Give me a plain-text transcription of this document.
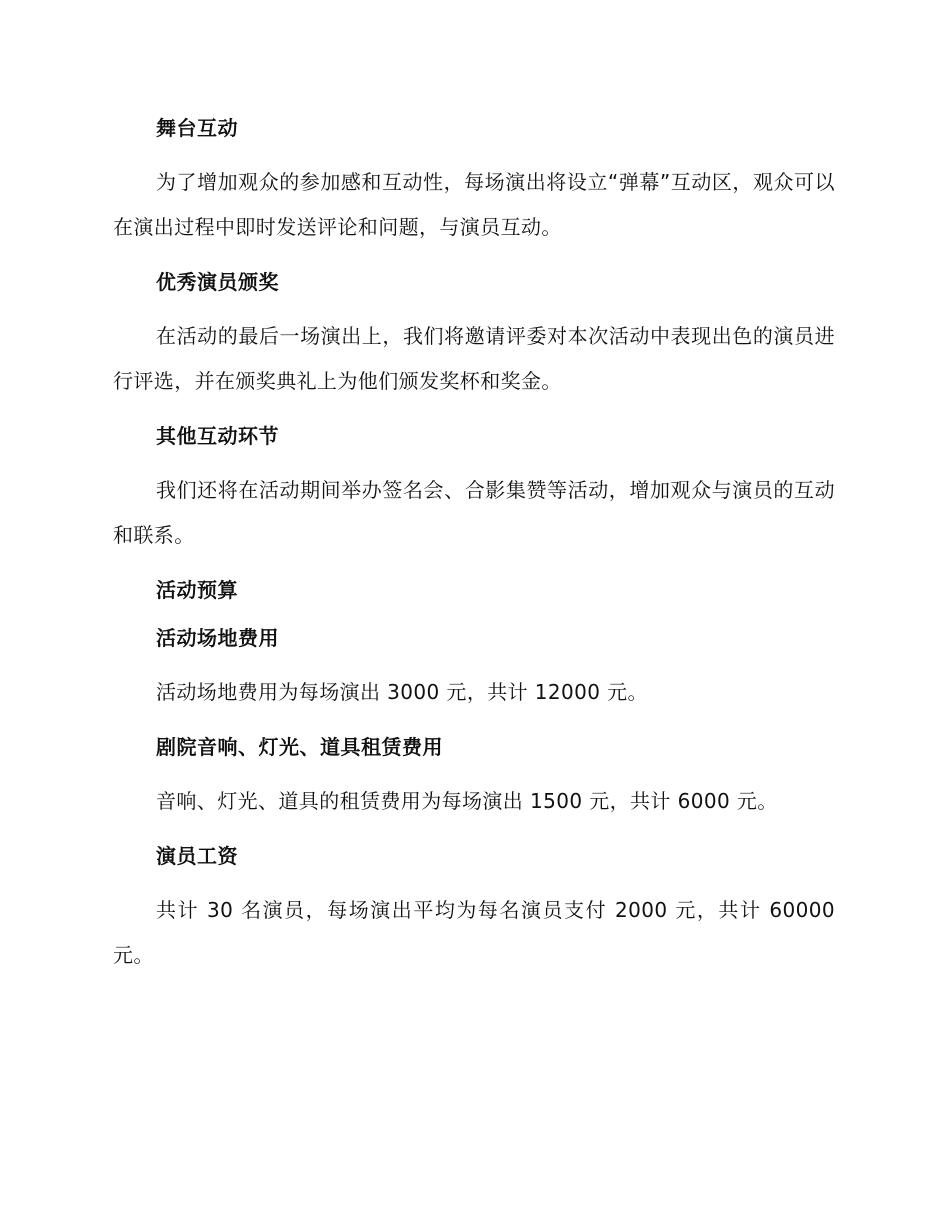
舞台互动

为了增加观众的参加感和互动性，每场演出将设立“弹幕”互动区，观众可以在演出过程中即时发送评论和问题，与演员互动。

优秀演员颁奖

在活动的最后一场演出上，我们将邀请评委对本次活动中表现出色的演员进行评选，并在颁奖典礼上为他们颁发奖杯和奖金。

其他互动环节

我们还将在活动期间举办签名会、合影集赞等活动，增加观众与演员的互动和联系。

活动预算
活动场地费用

活动场地费用为每场演出 3000 元，共计 12000 元。

剧院音响、灯光、道具租赁费用

音响、灯光、道具的租赁费用为每场演出 1500 元，共计 6000 元。

演员工资

共计 30 名演员，每场演出平均为每名演员支付 2000 元，共计 60000 元。
